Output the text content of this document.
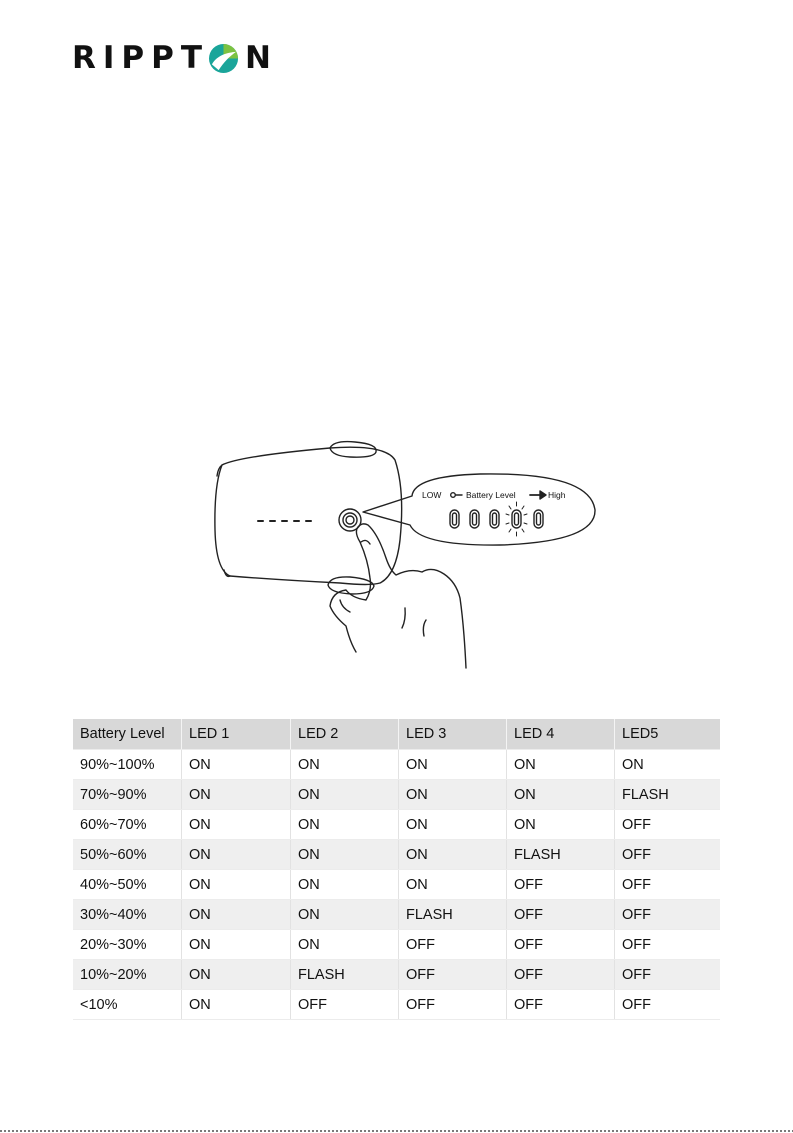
RIPPT N
LOW	Battery Level	High
Battery Level	LED 1	LED 2	LED 3	LED 4	LED5
90%~100%	ON	ON	ON	ON	ON
70%~90%	ON	ON	ON	ON	FLASH
60%~70%	ON	ON	ON	ON	OFF
50%~60%	ON	ON	ON	FLASH	OFF
40%~50%	ON	ON	ON	OFF	OFF
30%~40%	ON	ON	FLASH	OFF	OFF
20%~30%	ON	ON	OFF	OFF	OFF
10%~20%	ON	FLASH	OFF	OFF	OFF
<10%	ON	OFF	OFF	OFF	OFF
